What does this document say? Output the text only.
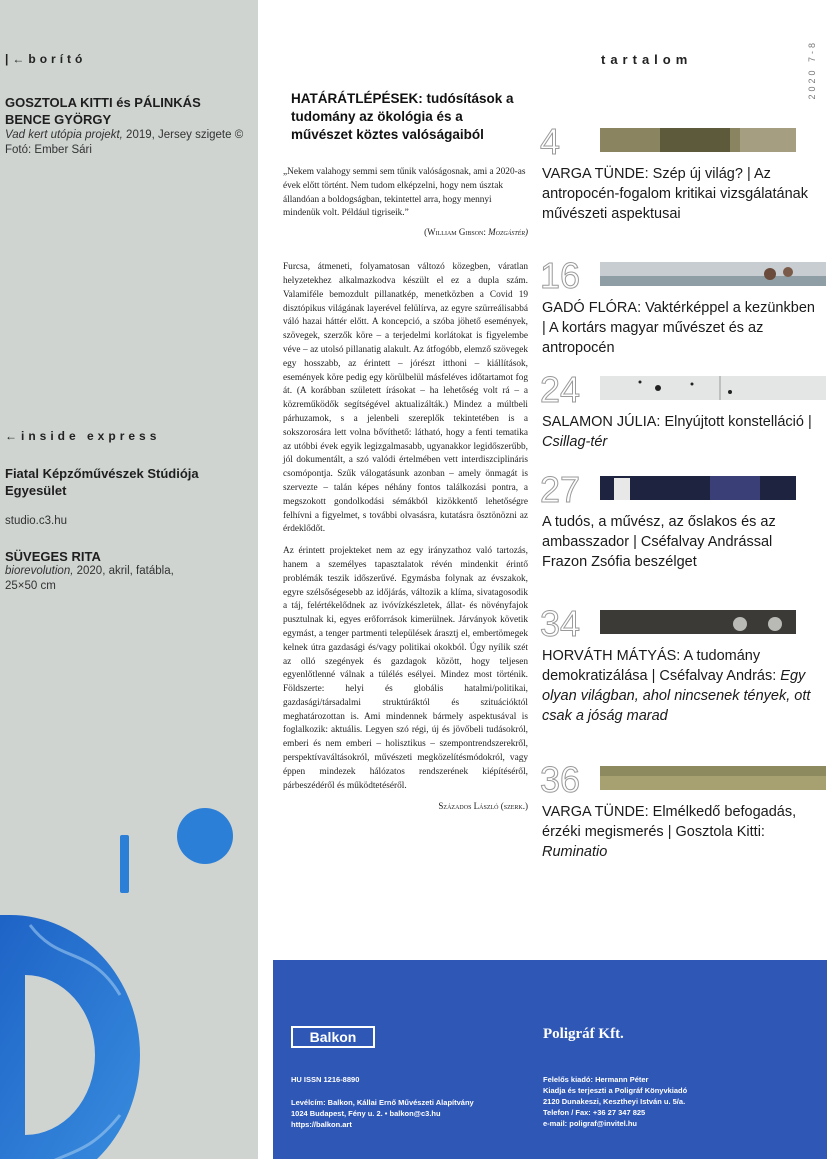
|←borító
GOSZTOLA KITTI és PÁLINKÁS BENCE GYÖRGY
Vad kert utópia projekt, 2019, Jersey szigete © Fotó: Ember Sári
←inside express
Fiatal Képzőművészek Stúdiója Egyesület
studio.c3.hu
SÜVEGES RITA
biorevolution, 2020, akril, fatábla, 25×50 cm
HATÁRÁTLÉPÉSEK: tudósítások a tudomány az ökológia és a művészet köztes valóságaiból
„Nekem valahogy semmi sem tűnik valóságosnak, ami a 2020-as évek előtt történt. Nem tudom elképzelni, hogy nem úsztak állandóan a boldogságban, tekintettel arra, hogy mennyi mindenük volt. Például tigriseik.”
(William Gibson: Mozgástér)

Furcsa, átmeneti, folyamatosan változó közegben, váratlan helyzetekhez alkalmazkodva készült el ez a dupla szám. Valamiféle bemozdult pillanatkép, menetközben a Covid 19 disztópikus világának layerével felülírva, az egyre szürreálisabbá váló hazai háttér előtt. A koncepció, a szóba jöhető események, szövegek, szerzők köre – a terjedelmi korlátokat is figyelembe véve – az utolsó pillanatig alakult. Az átfogóbb, elemző szövegek egy hosszabb, az érintett – jórészt itthoni – kiállítások, események köre pedig egy körülbelül másfeléves időtartamot fog át. (A korábban született írásokat – ha lehetőség volt rá – a közreműködők segítségével aktualizálták.) Mindez a múltbeli párhuzamok, s a jelenbeli szereplők tekintetében is a sokszorosára lett volna bővíthető: látható, hogy a fenti tematika az utóbbi évek egyik legizgalmasabb, ugyanakkor legidőszerűbb, jól dokumentált, a szó valódi értelmében vett interdiszciplináris csomópontja. Szűk válogatásunk azonban – amely önmagát is szervezte – talán képes néhány fontos találkozási pontra, a megszokott gondolkodási sémákból kizökkentő lehetőségre felhívni a figyelmet, s további olvasásra, kutatásra ösztönözni az érdeklődőt.

Az érintett projekteket nem az egy irányzathoz való tartozás, hanem a személyes tapasztalatok révén mindenkit érintő problémák teszik időszerűvé. Egymásba folynak az évszakok, egyre szélsőségesebb az időjárás, változik a klíma, sivatagosodik a táj, felértékelődnek az ivóvízkészletek, állat- és növényfajok pusztulnak ki, egyes erőforrások kimerülnek. Járványok követik egymást, a tenger partmenti települések árasztj el, embertömegek kelnek útra gazdasági és/vagy politikai okokból. Úgy nyílik szét az olló szegények és gazdagok között, hogy teljesen egyenlőtlenné válnak a túlélés esélyei. Mindez most történik. Földszerte: helyi és globális hatalmi/politikai, gazdasági/társadalmi struktúráktól és szituációktól meghatározottan is. Ami mindennek bármely aspektusával is foglalkozik: aktuális. Legyen szó régi, új és jövőbeli tudásokról, emberi és nem emberi – holisztikus – szempontrendszerekről, perspektívaváltásokról, művészeti megközelítésmódokról, vagy éppen mindezek hálózatos rendszerének kiépítéséről, párbeszédéről és működtetéséről.

Százados László (szerk.)
tartalom	2020 7-8
4
VARGA TÜNDE: Szép új világ? | Az antropocén-fogalom kritikai vizsgálatának művészeti aspektusai
16
GADÓ FLÓRA: Vaktérképpel a kezünkben | A kortárs magyar művészet és az antropocén
24
SALAMON JÚLIA: Elnyújtott konstelláció | Csillag-tér
27
A tudós, a művész, az őslakos és az ambasszador | Cséfalvay Andrással Frazon Zsófia beszélget
34
HORVÁTH MÁTYÁS: A tudomány demokratizálása | Cséfalvay András: Egy olyan világban, ahol nincsenek tények, ott csak a jóság marad
36
VARGA TÜNDE: Elmélkedő befogadás, érzéki megismerés | Gosztola Kitti: Ruminatio
Balkon
HU ISSN 1216-8890
Levélcím: Balkon, Kállai Ernő Művészeti Alapítvány
1024 Budapest, Fény u. 2. • balkon@c3.hu
https://balkon.art
Poligráf Kft.
Felelős kiadó: Hermann Péter
Kiadja és terjeszti a Poligráf Könyvkiadó
2120 Dunakeszi, Kesztheyi István u. 5/a.
Telefon / Fax: +36 27 347 825
e-mail: poligraf@invitel.hu
